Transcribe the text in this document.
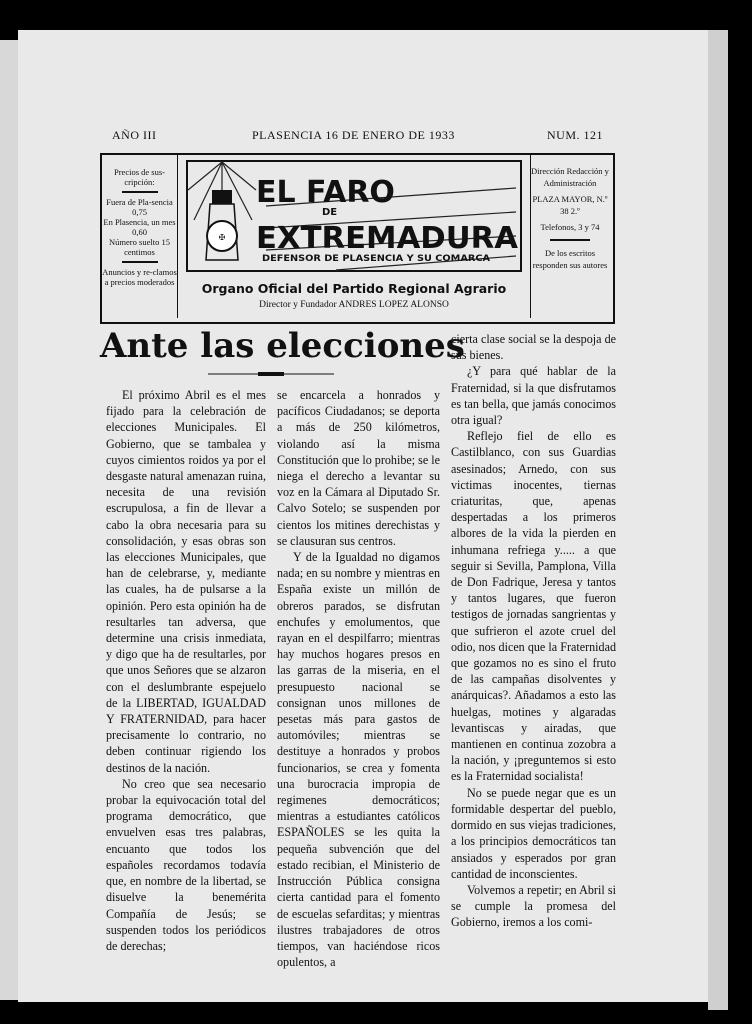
AÑO III	PLASENCIA 16 DE ENERO DE 1933	NUM. 121
Precios de sus-cripción:
Fuera de Pla-sencia 0,75
En Plasencia, un mes 0,60
Número suelto 15 centimos
Anuncios y re-clamos a precios moderados
Dirección Redacción y Administración
PLAZA MAYOR, N.º 38 2.º
Telefonos, 3 y 74
De los escritos responden sus autores
✠
EL FARO
DE
EXTREMADURA
DEFENSOR DE PLASENCIA Y SU COMARCA
Organo Oficial del Partido Regional Agrario
Director y Fundador ANDRES LOPEZ ALONSO
Ante las elecciones

El próximo Abril es el mes fijado para la celebración de elecciones Municipales. El Gobierno, que se tambalea y cuyos cimientos roidos ya por el desgaste natural amenazan ruina, necesita de una revisión escrupulosa, a fin de llevar a cabo la obra necesaria para su consolidación, y esas obras son las elecciones Municipales, que han de celebrarse, y, mediante las cuales, ha de pulsarse a la opinión. Pero esta opinión ha de resultarles tan adversa, que determine una crisis inmediata, y digo que ha de resultarles, por que unos Señores que se alzaron con el deslumbrante espejuelo de la LIBERTAD, IGUALDAD Y FRATERNIDAD, para hacer precisamente lo contrario, no deben continuar rigiendo los destinos de la nación.

No creo que sea necesario probar la equivocación total del programa democrático, que envuelven esas tres palabras, encuanto que todos los españoles recordamos todavía que, en nombre de la libertad, se disuelve la benemérita Compañía de Jesús; se suspenden todos los periódicos de derechas;

se encarcela a honrados y pacíficos Ciudadanos; se deporta a más de 250 kilómetros, violando así la misma Constitución que lo prohibe; se le niega el derecho a levantar su voz en la Cámara al Diputado Sr. Calvo Sotelo; se suspenden por cientos los mitines derechistas y se clausuran sus centros.

Y de la Igualdad no digamos nada; en su nombre y mientras en España existe un millón de obreros parados, se disfrutan enchufes y emolumentos, que rayan en el despilfarro; mientras hay muchos hogares presos en las garras de la miseria, en el presupuesto nacional se consignan unos millones de pesetas más para gastos de automóviles; mientras se destituye a honrados y probos funcionarios, se crea y fomenta una burocracia impropia de regimenes democráticos; mientras a estudiantes católicos ESPAÑOLES se les quita la pequeña subvención que del estado recibian, el Ministerio de Instrucción Pública consigna cierta cantidad para el fomento de escuelas sefarditas; y mientras ilustres trabajadores de otros tiempos, van haciéndose ricos opulentos, a

cierta clase social se la despoja de sus bienes.

¿Y para qué hablar de la Fraternidad, si la que disfrutamos es tan bella, que jamás conocimos otra igual?

Reflejo fiel de ello es Castilblanco, con sus Guardias asesinados; Arnedo, con sus victimas inocentes, tiernas criaturitas, que, apenas despertadas a los primeros albores de la vida la pierden en inhumana refriega y..... a que seguir si Sevilla, Pamplona, Villa de Don Fadrique, Jeresa y tantos y tantos lugares, que fueron testigos de jornadas sangrientas y que sufrieron el azote cruel del odio, nos dicen que la Fraternidad que gozamos no es sino el fruto de las campañas disolventes y anárquicas?. Añadamos a esto las huelgas, motines y algaradas levantiscas y airadas, que mantienen en continua zozobra a la nación, y ¡preguntemos si esto es la Fraternidad socialista!

No se puede negar que es un formidable despertar del pueblo, dormido en sus viejas tradiciones, a los principios democráticos tan ansiados y esperados por gran cantidad de inconscientes.

Volvemos a repetir; en Abril si se cumple la promesa del Gobierno, iremos a los comi-
